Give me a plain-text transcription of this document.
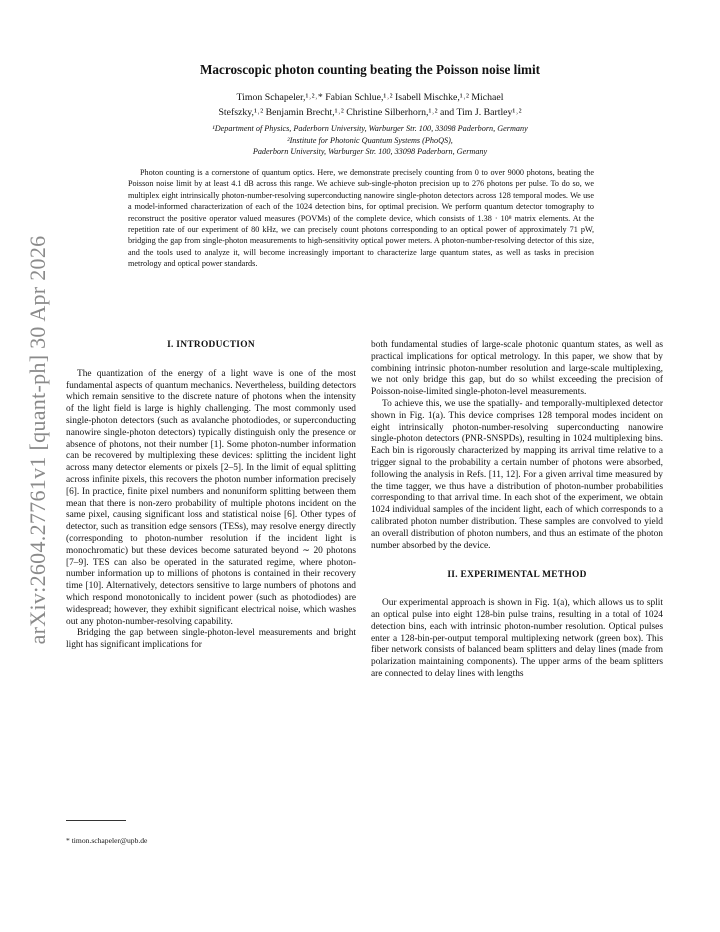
arXiv:2604.27761v1 [quant-ph] 30 Apr 2026
Macroscopic photon counting beating the Poisson noise limit
Timon Schapeler,¹˒²˒* Fabian Schlue,¹˒² Isabell Mischke,¹˒² Michael
Stefszky,¹˒² Benjamin Brecht,¹˒² Christine Silberhorn,¹˒² and Tim J. Bartley¹˒²
¹Department of Physics, Paderborn University, Warburger Str. 100, 33098 Paderborn, Germany
²Institute for Photonic Quantum Systems (PhoQS),
Paderborn University, Warburger Str. 100, 33098 Paderborn, Germany
Photon counting is a cornerstone of quantum optics. Here, we demonstrate precisely counting from 0 to over 9000 photons, beating the Poisson noise limit by at least 4.1 dB across this range. We achieve sub-single-photon precision up to 276 photons per pulse. To do so, we multiplex eight intrinsically photon-number-resolving superconducting nanowire single-photon detectors across 128 temporal modes. We use a model-informed characterization of each of the 1024 detection bins, for optimal precision. We perform quantum detector tomography to reconstruct the positive operator valued measures (POVMs) of the complete device, which consists of 1.38 · 10⁸ matrix elements. At the repetition rate of our experiment of 80 kHz, we can precisely count photons corresponding to an optical power of approximately 71 pW, bridging the gap from single-photon measurements to high-sensitivity optical power meters. A photon-number-resolving detector of this size, and the tools used to analyze it, will become increasingly important to characterize large quantum states, as well as tasks in precision metrology and optical power standards.

I. INTRODUCTION

The quantization of the energy of a light wave is one of the most fundamental aspects of quantum mechanics. Nevertheless, building detectors which remain sensitive to the discrete nature of photons when the intensity of the light field is large is highly challenging. The most commonly used single-photon detectors (such as avalanche photodiodes, or superconducting nanowire single-photon detectors) typically distinguish only the presence or absence of photons, not their number [1]. Some photon-number information can be recovered by multiplexing these devices: splitting the incident light across many detector elements or pixels [2–5]. In the limit of equal splitting across infinite pixels, this recovers the photon number information precisely [6]. In practice, finite pixel numbers and nonuniform splitting between them mean that there is non-zero probability of multiple photons incident on the same pixel, causing significant loss and statistical noise [6]. Other types of detector, such as transition edge sensors (TESs), may resolve energy directly (corresponding to photon-number resolution if the incident light is monochromatic) but these devices become saturated beyond ∼ 20 photons [7–9]. TES can also be operated in the saturated regime, where photon-number information up to millions of photons is contained in their recovery time [10]. Alternatively, detectors sensitive to large numbers of photons and which respond monotonically to incident power (such as photodiodes) are widespread; however, they exhibit significant electrical noise, which washes out any photon-number-resolving capability.

Bridging the gap between single-photon-level measurements and bright light has significant implications for

both fundamental studies of large-scale photonic quantum states, as well as practical implications for optical metrology. In this paper, we show that by combining intrinsic photon-number resolution and large-scale multiplexing, we not only bridge this gap, but do so whilst exceeding the precision of Poisson-noise-limited single-photon-level measurements.

To achieve this, we use the spatially- and temporally-multiplexed detector shown in Fig. 1(a). This device comprises 128 temporal modes incident on eight intrinsically photon-number-resolving superconducting nanowire single-photon detectors (PNR-SNSPDs), resulting in 1024 multiplexing bins. Each bin is rigorously characterized by mapping its arrival time relative to a trigger signal to the probability a certain number of photons were absorbed, following the analysis in Refs. [11, 12]. For a given arrival time measured by the time tagger, we thus have a distribution of photon-number probabilities corresponding to that arrival time. In each shot of the experiment, we obtain 1024 individual samples of the incident light, each of which corresponds to a calibrated photon number distribution. These samples are convolved to yield an overall distribution of photon numbers, and thus an estimate of the photon number absorbed by the device.

II. EXPERIMENTAL METHOD

Our experimental approach is shown in Fig. 1(a), which allows us to split an optical pulse into eight 128-bin pulse trains, resulting in a total of 1024 detection bins, each with intrinsic photon-number resolution. Optical pulses enter a 128-bin-per-output temporal multiplexing network (green box). This fiber network consists of balanced beam splitters and delay lines (made from polarization maintaining components). The upper arms of the beam splitters are connected to delay lines with lengths

* timon.schapeler@upb.de
